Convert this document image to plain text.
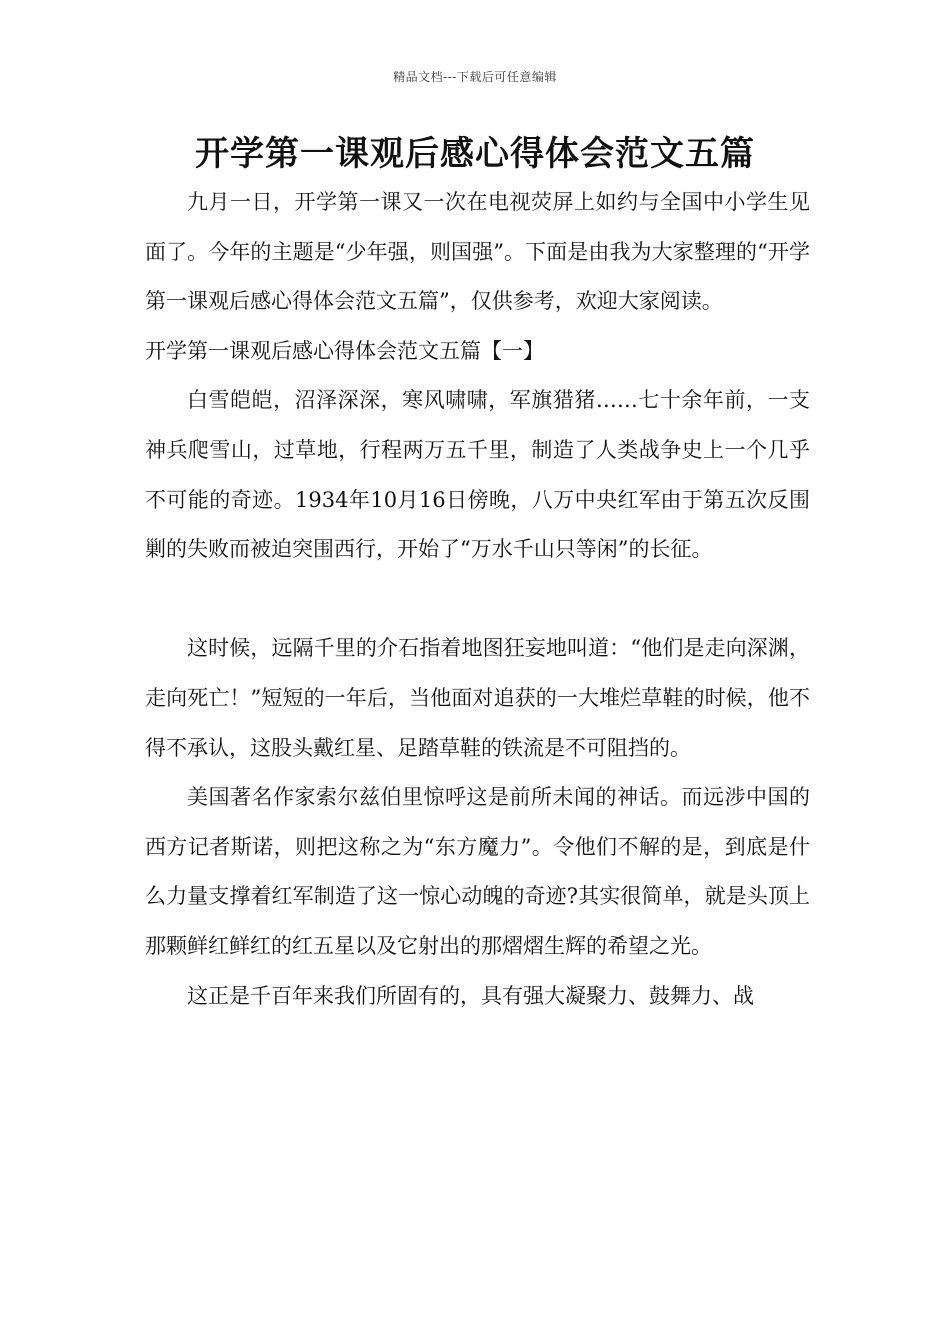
精品文档---下载后可任意编辑
开学第一课观后感心得体会范文五篇

九月一日，开学第一课又一次在电视荧屏上如约与全国中小学生见面了。今年的主题是“少年强，则国强”。下面是由我为大家整理的“开学第一课观后感心得体会范文五篇”，仅供参考，欢迎大家阅读。

开学第一课观后感心得体会范文五篇【一】

白雪皑皑，沼泽深深，寒风啸啸，军旗猎猪……七十余年前，一支神兵爬雪山，过草地，行程两万五千里，制造了人类战争史上一个几乎不可能的奇迹。1934年10月16日傍晚，八万中央红军由于第五次反围剿的失败而被迫突围西行，开始了“万水千山只等闲”的长征。

这时候，远隔千里的介石指着地图狂妄地叫道：“他们是走向深渊，走向死亡！”短短的一年后，当他面对追获的一大堆烂草鞋的时候，他不得不承认，这股头戴红星、足踏草鞋的铁流是不可阻挡的。

美国著名作家索尔兹伯里惊呼这是前所未闻的神话。而远涉中国的西方记者斯诺，则把这称之为“东方魔力”。令他们不解的是，到底是什么力量支撑着红军制造了这一惊心动魄的奇迹?其实很简单，就是头顶上那颗鲜红鲜红的红五星以及它射出的那熠熠生辉的希望之光。

这正是千百年来我们所固有的，具有强大凝聚力、鼓舞力、战
